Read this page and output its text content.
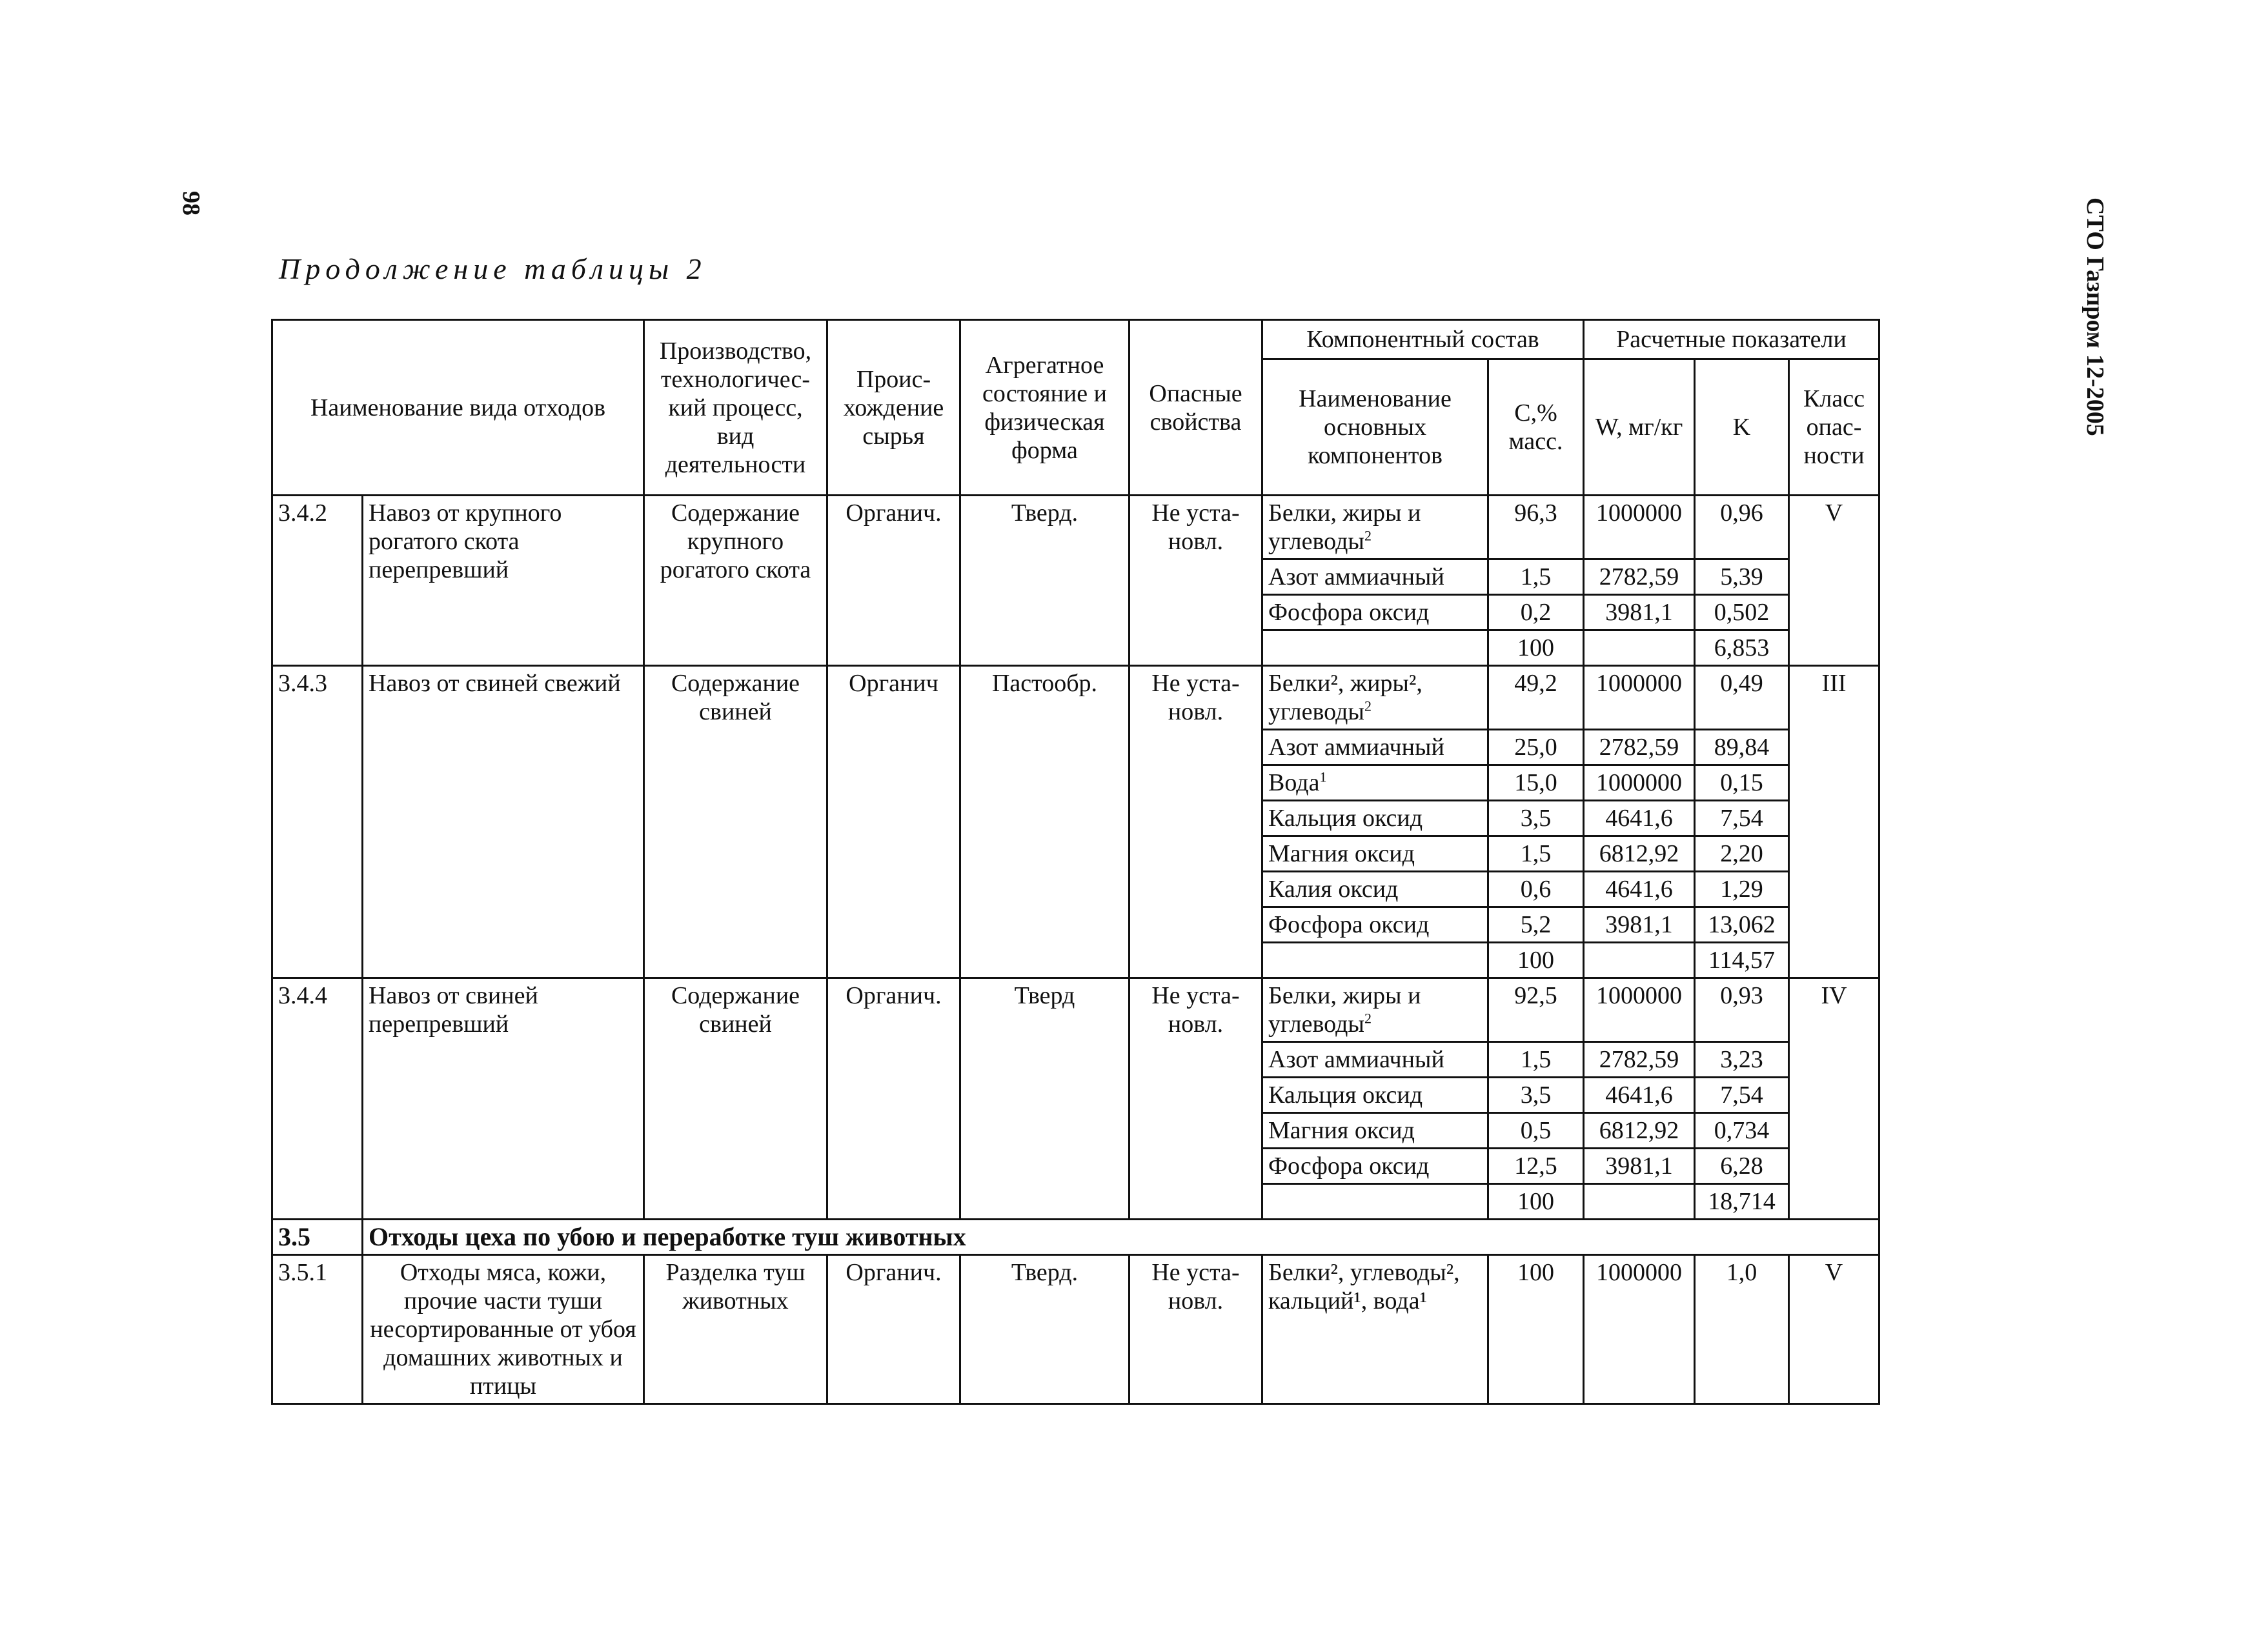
98	СТО Газпром 12-2005
Продолжение таблицы 2
Наименование вида отходов		Производство, технологичес-кий процесс, вид деятельности	Проис-хождение сырья	Агрегатное состояние и физическая форма	Опасные свойства	Компонентный состав		Расчетные показатели		
						Наименование основных компонентов	C,% масс.	W, мг/кг	K	Класс опас-ности
3.4.2	Навоз от крупного рогатого скота перепревший	Содержание крупного рогатого скота	Органич.	Тверд.	Не уста-новл.	Белки, жиры и углеводы$^2$	96,3	1000000	0,96	V
						Азот аммиачный	1,5	2782,59	5,39	
						Фосфора оксид	0,2	3981,1	0,502	
							100		6,853	
3.4.3	Навоз от свиней свежий	Содержание свиней	Органич	Пастообр.	Не уста-новл.	Белки², жиры², углеводы$^2$	49,2	1000000	0,49	III
						Азот аммиачный	25,0	2782,59	89,84	
						Вода$^1$	15,0	1000000	0,15	
						Кальция оксид	3,5	4641,6	7,54	
						Магния оксид	1,5	6812,92	2,20	
						Калия оксид	0,6	4641,6	1,29	
						Фосфора оксид	5,2	3981,1	13,062	
							100		114,57	
3.4.4	Навоз от свиней перепревший	Содержание свиней	Органич.	Тверд	Не уста-новл.	Белки, жиры и углеводы$^2$	92,5	1000000	0,93	IV
						Азот аммиачный	1,5	2782,59	3,23	
						Кальция оксид	3,5	4641,6	7,54	
						Магния оксид	0,5	6812,92	0,734	
						Фосфора оксид	12,5	3981,1	6,28	
							100		18,714	
3.5	Отходы цеха по убою и переработке туш животных									
3.5.1	Отходы мяса, кожи, прочие части туши несортированные от убоя домашних животных и птицы	Разделка туш животных	Органич.	Тверд.	Не уста-новл.	Белки², углеводы², кальций¹, вода¹	100	1000000	1,0	V
